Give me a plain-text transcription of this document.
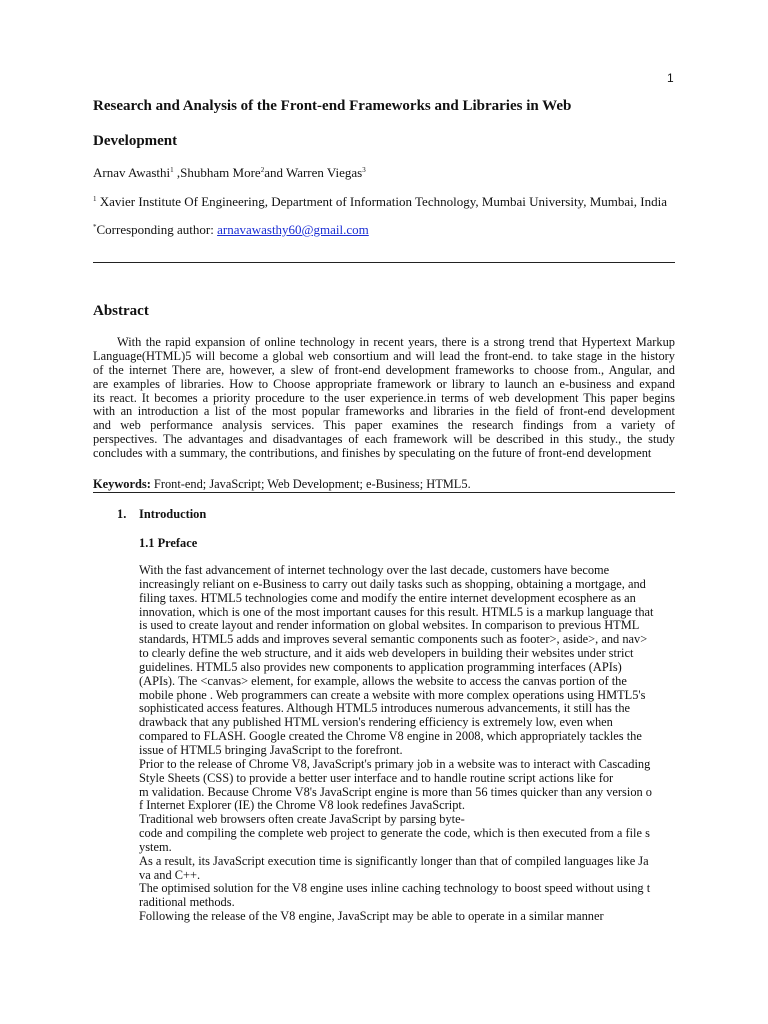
1
Research and Analysis of the Front-end Frameworks and Libraries in Web
Development
Arnav Awasthi$^1$ ,Shubham More$^2$and Warren Viegas$^3$
$^1$ Xavier Institute Of Engineering, Department of Information Technology, Mumbai University, Mumbai, India
*Corresponding author: arnavawasthy60@gmail.com
Abstract
With the rapid expansion of online technology in recent years, there is a strong trend that Hypertext Markup
Language(HTML)5 will become a global web consortium and will lead the front-end. to take stage in the history
of the internet There are, however, a slew of front-end development frameworks to choose from., Angular, and
are examples of libraries. How to Choose appropriate framework or library to launch an e-business and expand
its react. It becomes a priority procedure to the user experience.in terms of web development This paper begins
with an introduction a list of the most popular frameworks and libraries in the field of front-end development
and web performance analysis services. This paper examines the research findings from a variety of
perspectives. The advantages and disadvantages of each framework will be described in this study., the study
concludes with a summary, the contributions, and finishes by speculating on the future of front-end development
Keywords: Front-end; JavaScript; Web Development; e-Business; HTML5.
1. Introduction
1.1 Preface
With the fast advancement of internet technology over the last decade, customers have become
increasingly reliant on e-Business to carry out daily tasks such as shopping, obtaining a mortgage, and
filing taxes. HTML5 technologies come and modify the entire internet development ecosphere as an
innovation, which is one of the most important causes for this result. HTML5 is a markup language that
is used to create layout and render information on global websites. In comparison to previous HTML
standards, HTML5 adds and improves several semantic components such as footer>, aside>, and nav>
to clearly define the web structure, and it aids web developers in building their websites under strict
guidelines. HTML5 also provides new components to application programming interfaces (APIs)
(APIs). The <canvas> element, for example, allows the website to access the canvas portion of the
mobile phone . Web programmers can create a website with more complex operations using HMTL5's
sophisticated access features. Although HTML5 introduces numerous advancements, it still has the
drawback that any published HTML version's rendering efficiency is extremely low, even when
compared to FLASH. Google created the Chrome V8 engine in 2008, which appropriately tackles the
issue of HTML5 bringing JavaScript to the forefront.
Prior to the release of Chrome V8, JavaScript's primary job in a website was to interact with Cascading
Style Sheets (CSS) to provide a better user interface and to handle routine script actions like for
m validation. Because Chrome V8's JavaScript engine is more than 56 times quicker than any version o
f Internet Explorer (IE) the Chrome V8 look redefines JavaScript.
Traditional web browsers often create JavaScript by parsing byte-
code and compiling the complete web project to generate the code, which is then executed from a file s
ystem.
As a result, its JavaScript execution time is significantly longer than that of compiled languages like Ja
va and C++.
The optimised solution for the V8 engine uses inline caching technology to boost speed without using t
raditional methods.
Following the release of the V8 engine, JavaScript may be able to operate in a similar manner
